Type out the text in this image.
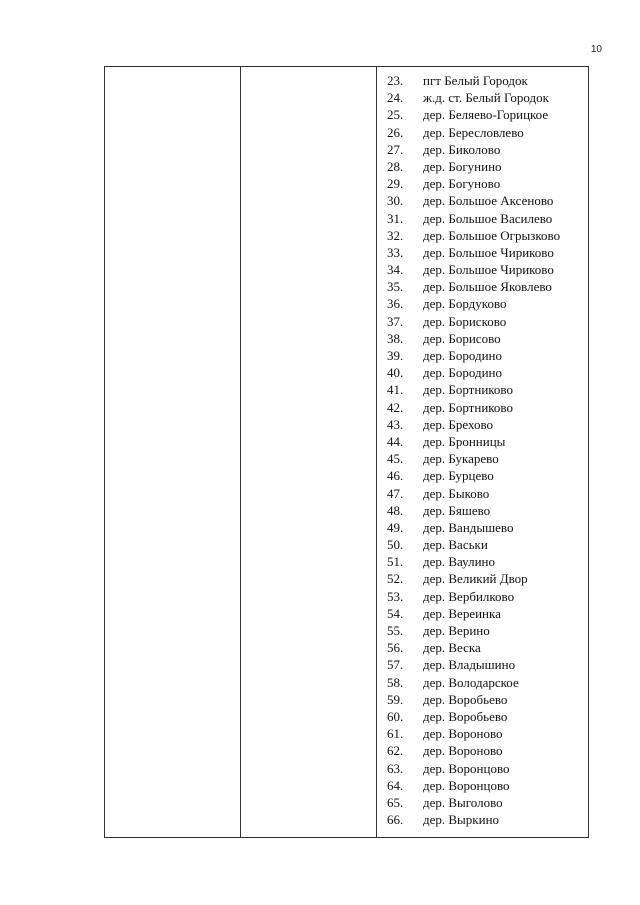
10
23.	пгт Белый Городок
24.	ж.д. ст. Белый Городок
25.	дер. Беляево-Горицкое
26.	дер. Бересловлево
27.	дер. Биколово
28.	дер. Богунино
29.	дер. Богуново
30.	дер. Большое Аксеново
31.	дер. Большое Василево
32.	дер. Большое Огрызково
33.	дер. Большое Чириково
34.	дер. Большое Чириково
35.	дер. Большое Яковлево
36.	дер. Бордуково
37.	дер. Борисково
38.	дер. Борисово
39.	дер. Бородино
40.	дер. Бородино
41.	дер. Бортниково
42.	дер. Бортниково
43.	дер. Брехово
44.	дер. Бронницы
45.	дер. Букарево
46.	дер. Бурцево
47.	дер. Быково
48.	дер. Бяшево
49.	дер. Вандышево
50.	дер. Васьки
51.	дер. Ваулино
52.	дер. Великий Двор
53.	дер. Вербилково
54.	дер. Вереинка
55.	дер. Верино
56.	дер. Веска
57.	дер. Владышино
58.	дер. Володарское
59.	дер. Воробьево
60.	дер. Воробьево
61.	дер. Вороново
62.	дер. Вороново
63.	дер. Воронцово
64.	дер. Воронцово
65.	дер. Выголово
66.	дер. Выркино
